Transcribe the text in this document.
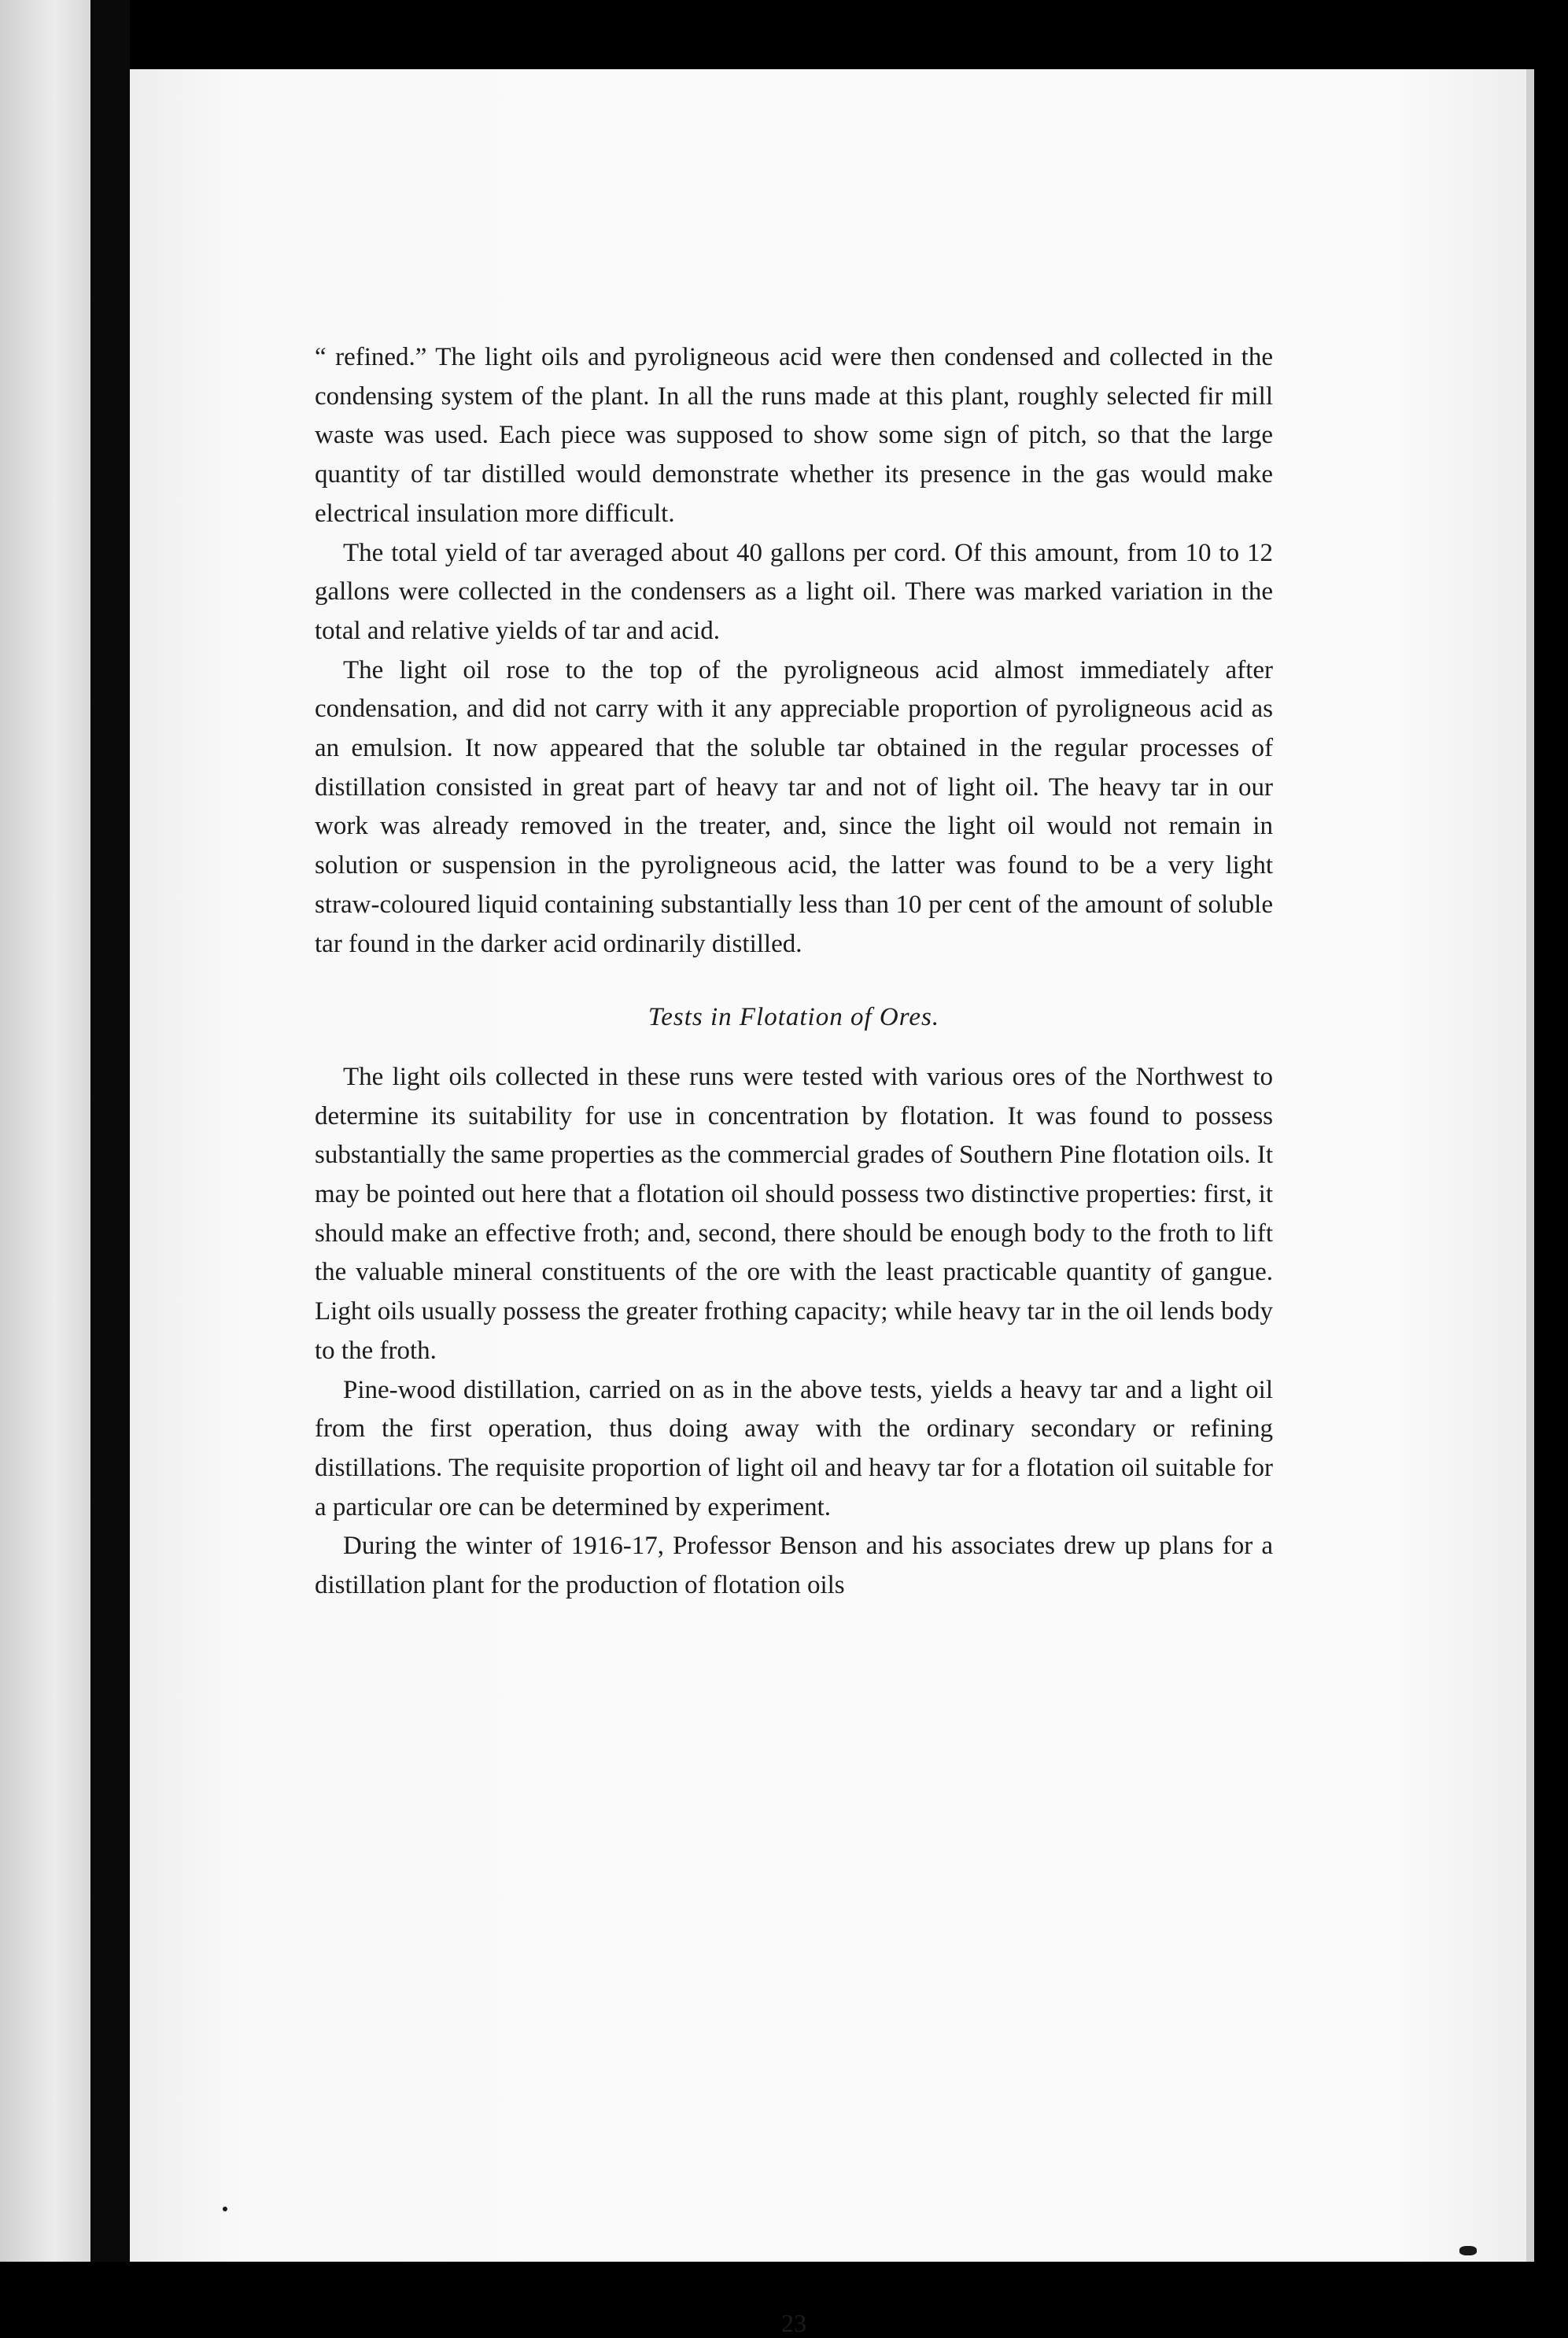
“ refined.” The light oils and pyroligneous acid were then condensed and collected in the condensing system of the plant. In all the runs made at this plant, roughly selected fir mill waste was used. Each piece was supposed to show some sign of pitch, so that the large quantity of tar distilled would demonstrate whether its presence in the gas would make electrical insulation more difficult.

The total yield of tar averaged about 40 gallons per cord. Of this amount, from 10 to 12 gallons were collected in the condensers as a light oil. There was marked variation in the total and relative yields of tar and acid.

The light oil rose to the top of the pyroligneous acid almost immediately after condensation, and did not carry with it any appreciable proportion of pyroligneous acid as an emulsion. It now appeared that the soluble tar obtained in the regular processes of distillation consisted in great part of heavy tar and not of light oil. The heavy tar in our work was already removed in the treater, and, since the light oil would not remain in solution or suspension in the pyroligneous acid, the latter was found to be a very light straw-coloured liquid containing substantially less than 10 per cent of the amount of soluble tar found in the darker acid ordinarily distilled.

Tests in Flotation of Ores.

The light oils collected in these runs were tested with various ores of the Northwest to determine its suitability for use in concentration by flotation. It was found to possess substantially the same properties as the commercial grades of Southern Pine flotation oils. It may be pointed out here that a flotation oil should possess two distinctive properties: first, it should make an effective froth; and, second, there should be enough body to the froth to lift the valuable mineral constituents of the ore with the least practicable quantity of gangue. Light oils usually possess the greater frothing capacity; while heavy tar in the oil lends body to the froth.

Pine-wood distillation, carried on as in the above tests, yields a heavy tar and a light oil from the first operation, thus doing away with the ordinary secondary or refining distillations. The requisite proportion of light oil and heavy tar for a flotation oil suitable for a particular ore can be determined by experiment.

During the winter of 1916-17, Professor Benson and his associates drew up plans for a distillation plant for the production of flotation oils

23
